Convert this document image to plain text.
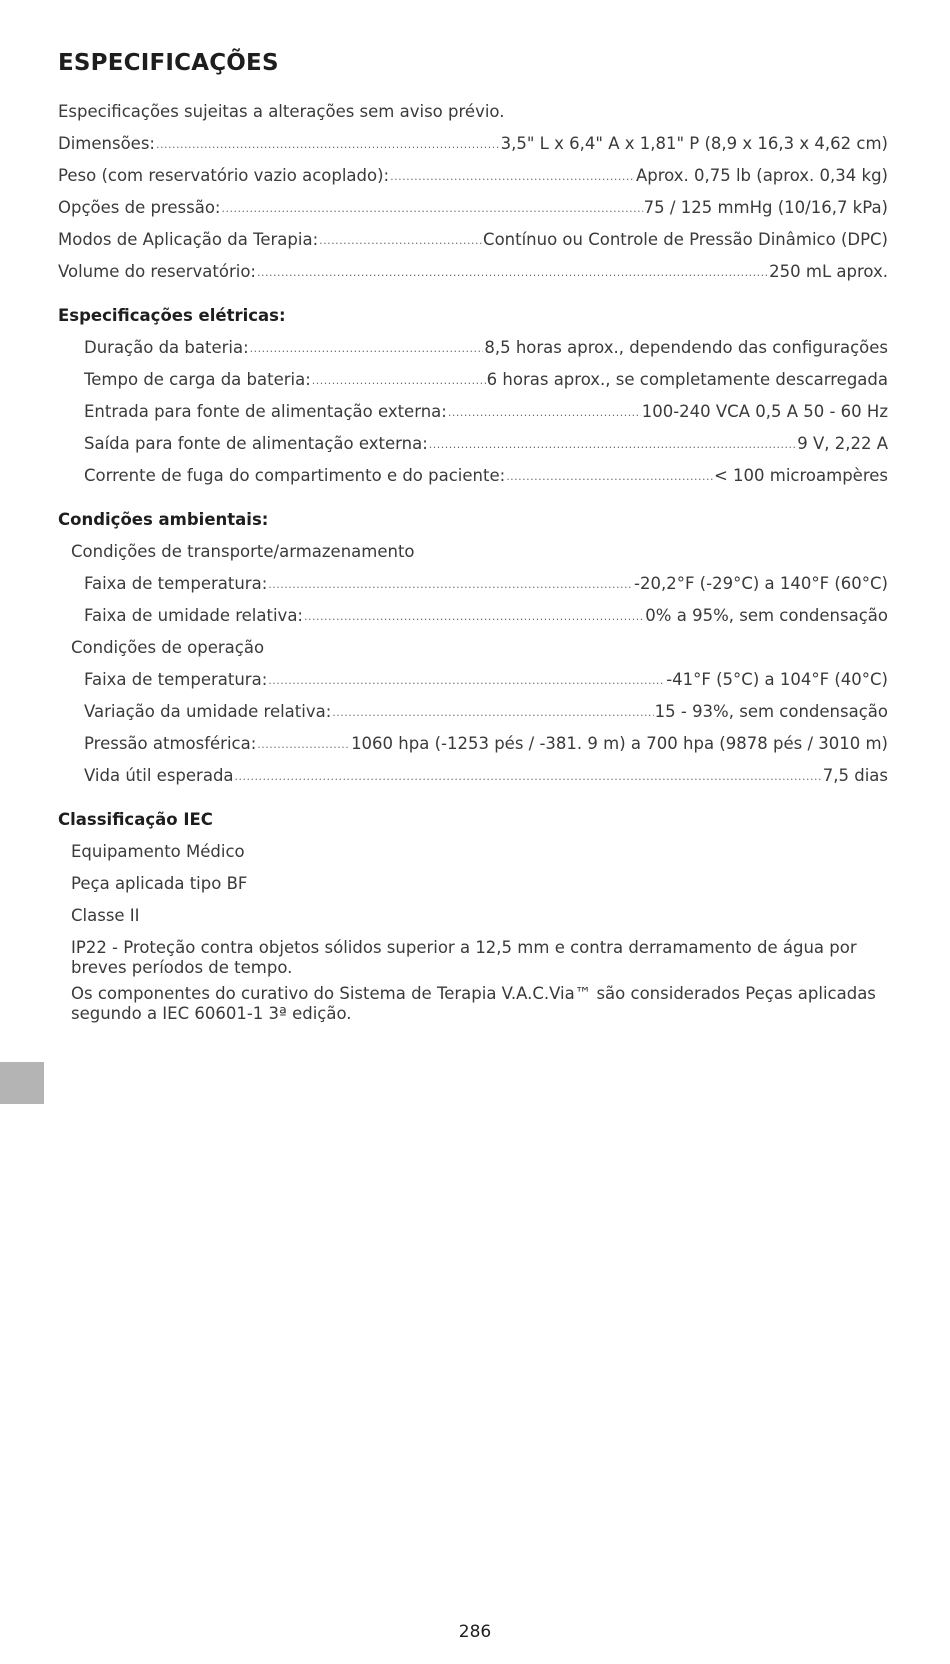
ESPECIFICAÇÕES
Especificações sujeitas a alterações sem aviso prévio.
Dimensões: .....	3,5" L x 6,4" A x 1,81" P (8,9 x 16,3 x 4,62 cm)
Peso (com reservatório vazio acoplado): .....	Aprox. 0,75 lb (aprox. 0,34 kg)
Opções de pressão: .....	75 / 125 mmHg (10/16,7 kPa)
Modos de Aplicação da Terapia: .....	Contínuo ou Controle de Pressão Dinâmico (DPC)
Volume do reservatório: .....	250 mL aprox.
Especificações elétricas:
Duração da bateria: .....	8,5 horas aprox., dependendo das configurações
Tempo de carga da bateria: .....	6 horas aprox., se completamente descarregada
Entrada para fonte de alimentação externa: .....	100-240 VCA 0,5 A 50 - 60 Hz
Saída para fonte de alimentação externa: .....	9 V, 2,22 A
Corrente de fuga do compartimento e do paciente: .....	< 100 microampères
Condições ambientais:
Condições de transporte/armazenamento
Faixa de temperatura: .....	-20,2°F (-29°C) a 140°F (60°C)
Faixa de umidade relativa: .....	0% a 95%, sem condensação
Condições de operação
Faixa de temperatura: .....	-41°F (5°C) a 104°F (40°C)
Variação da umidade relativa: .....	15 - 93%, sem condensação
Pressão atmosférica: .....	1060 hpa (-1253 pés / -381. 9 m) a 700 hpa (9878 pés / 3010 m)
Vida útil esperada .....	7,5 dias
Classificação IEC
Equipamento Médico
Peça aplicada tipo BF
Classe II
IP22 - Proteção contra objetos sólidos superior a 12,5 mm e contra derramamento de água por breves períodos de tempo.
Os componentes do curativo do Sistema de Terapia V.A.C.Via™ são considerados Peças aplicadas segundo a IEC 60601-1 3ª edição.
286
